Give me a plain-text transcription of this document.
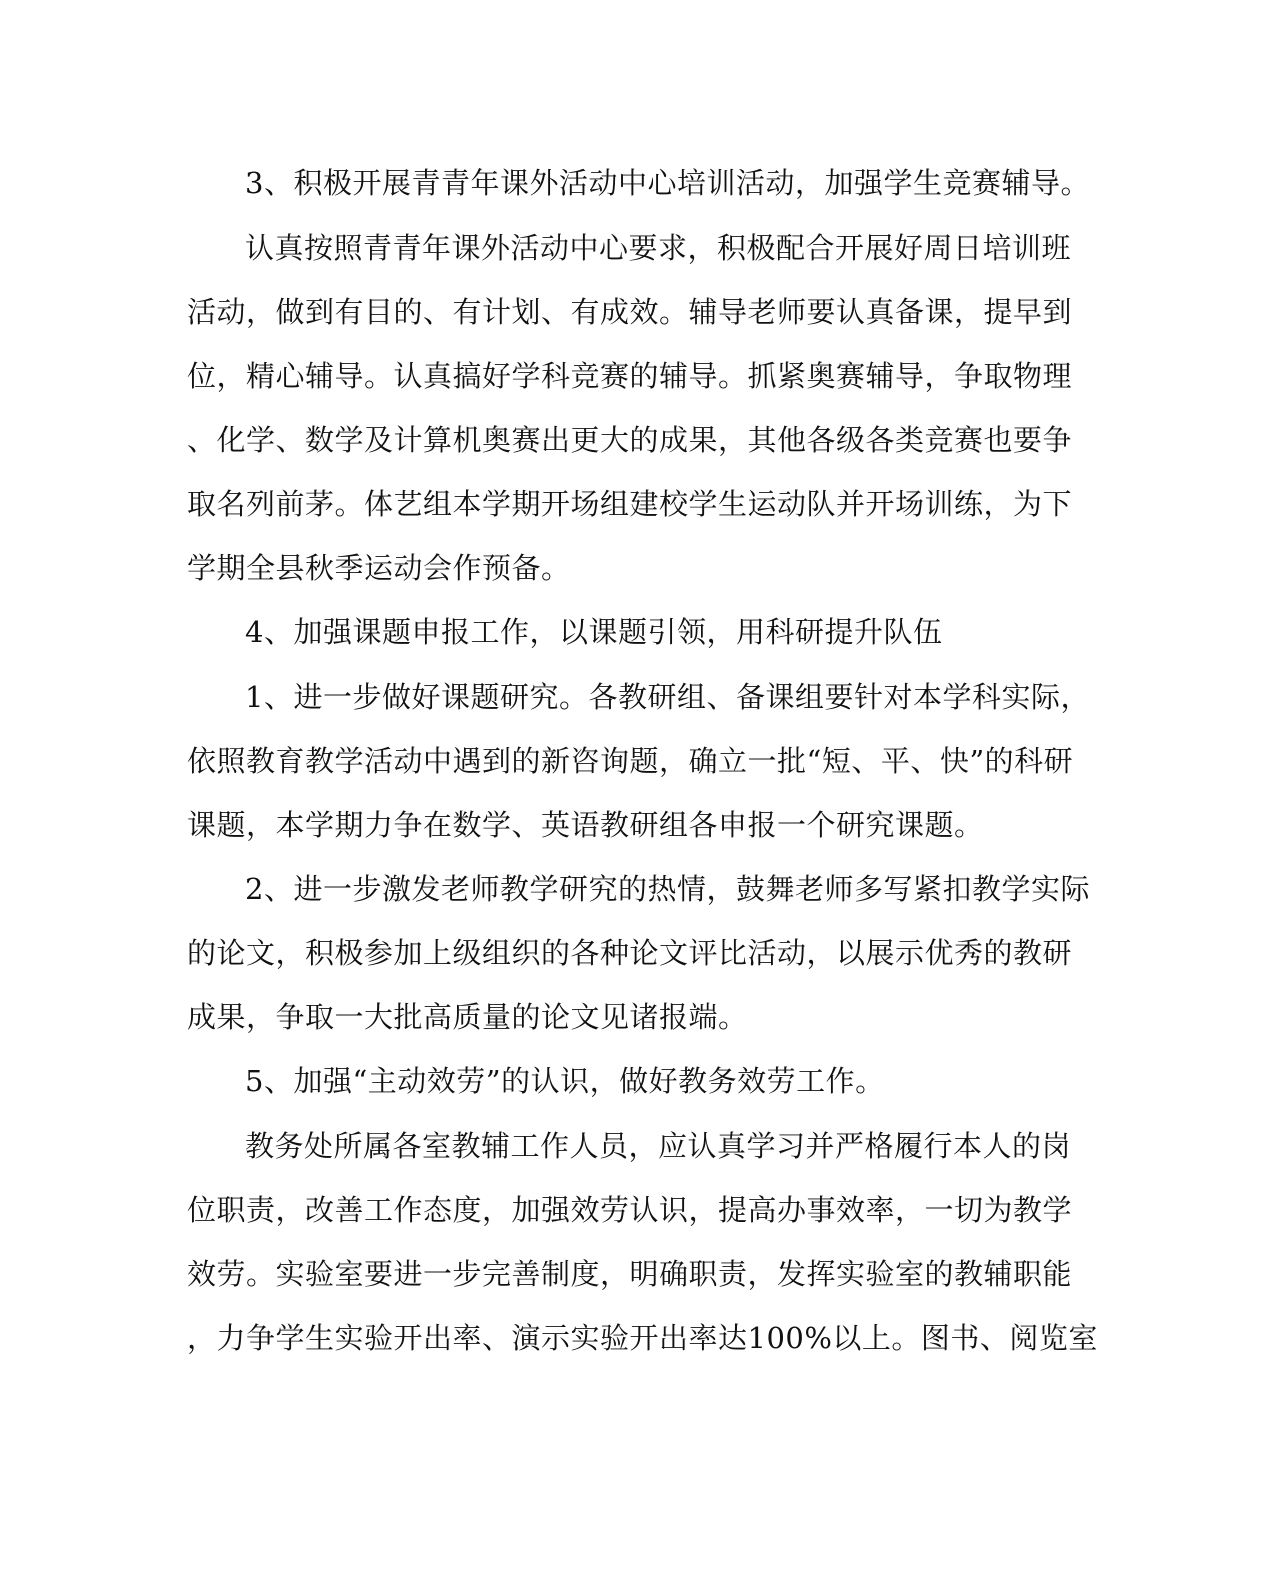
3、积极开展青青年课外活动中心培训活动，加强学生竞赛辅导。
认真按照青青年课外活动中心要求，积极配合开展好周日培训班
活动，做到有目的、有计划、有成效。辅导老师要认真备课，提早到
位，精心辅导。认真搞好学科竞赛的辅导。抓紧奥赛辅导，争取物理
、化学、数学及计算机奥赛出更大的成果，其他各级各类竞赛也要争
取名列前茅。体艺组本学期开场组建校学生运动队并开场训练，为下
学期全县秋季运动会作预备。
4、加强课题申报工作，以课题引领，用科研提升队伍
1、进一步做好课题研究。各教研组、备课组要针对本学科实际，
依照教育教学活动中遇到的新咨询题，确立一批“短、平、快”的科研
课题，本学期力争在数学、英语教研组各申报一个研究课题。
2、进一步激发老师教学研究的热情，鼓舞老师多写紧扣教学实际
的论文，积极参加上级组织的各种论文评比活动，以展示优秀的教研
成果，争取一大批高质量的论文见诸报端。
5、加强“主动效劳”的认识，做好教务效劳工作。
教务处所属各室教辅工作人员，应认真学习并严格履行本人的岗
位职责，改善工作态度，加强效劳认识，提高办事效率，一切为教学
效劳。实验室要进一步完善制度，明确职责，发挥实验室的教辅职能
，力争学生实验开出率、演示实验开出率达100%以上。图书、阅览室
